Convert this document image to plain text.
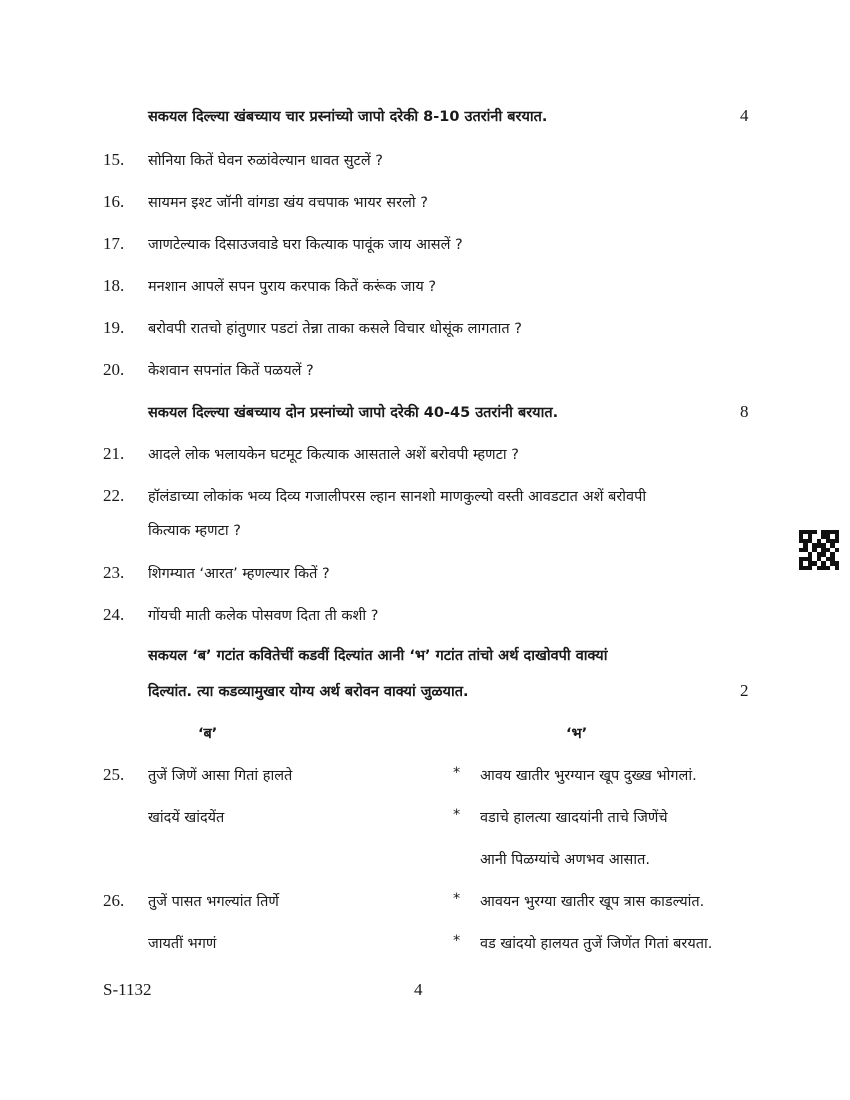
सकयल दिल्ल्या खंबच्याय चार प्रस्नांच्यो जापो दरेकी 8-10 उतरांनी बरयात.	4
15. सोनिया कितें घेवन रुळांवेल्यान धावत सुटलें ?
16. सायमन इश्ट जॉनी वांगडा खंय वचपाक भायर सरलो ?
17. जाणटेल्याक दिसाउजवाडे घरा कित्याक पावूंक जाय आसलें ?
18. मनशान आपलें सपन पुराय करपाक कितें करूंक जाय ?
19. बरोवपी रातचो हांतुणार पडटां तेन्ना ताका कसले विचार धोसूंक लागतात ?
20. केशवान सपनांत कितें पळयलें ?
सकयल दिल्ल्या खंबच्याय दोन प्रस्नांच्यो जापो दरेकी 40-45 उतरांनी बरयात.	8
21. आदले लोक भलायकेन घटमूट कित्याक आसताले अशें बरोवपी म्हणटा ?
22. हॉलंडाच्या लोकांक भव्य दिव्य गजालीपरस ल्हान सानशो माणकुल्यो वस्ती आवडटात अशें बरोवपी
कित्याक म्हणटा ?
23. शिगम्यात ‘आरत’ म्हणल्यार कितें ?
24. गोंयची माती कलेक पोसवण दिता ती कशी ?
सकयल ‘ब’ गटांत कवितेचीं कडवीं दिल्यांत आनी ‘भ’ गटांत तांचो अर्थ दाखोवपी वाक्यां
दिल्यांत. त्या कडव्यामुखार योग्य अर्थ बरोवन वाक्यां जुळयात.	2
‘ब’	‘भ’
25. तुजें जिणें आसा गितां हालते	* आवय खातीर भुरग्यान खूप दुख्ख भोगलां.
खांदयें खांदयेंत	* वडाचे हालत्या खादयांनी ताचे जिणेंचे
आनी पिळग्यांचे अणभव आसात.
26. तुजें पासत भगल्यांत तिर्णे	* आवयन भुरग्या खातीर खूप त्रास काडल्यांत.
जायतीं भगणं	* वड खांदयो हालयत तुजें जिणेंत गितां बरयता.
S-1132	4
